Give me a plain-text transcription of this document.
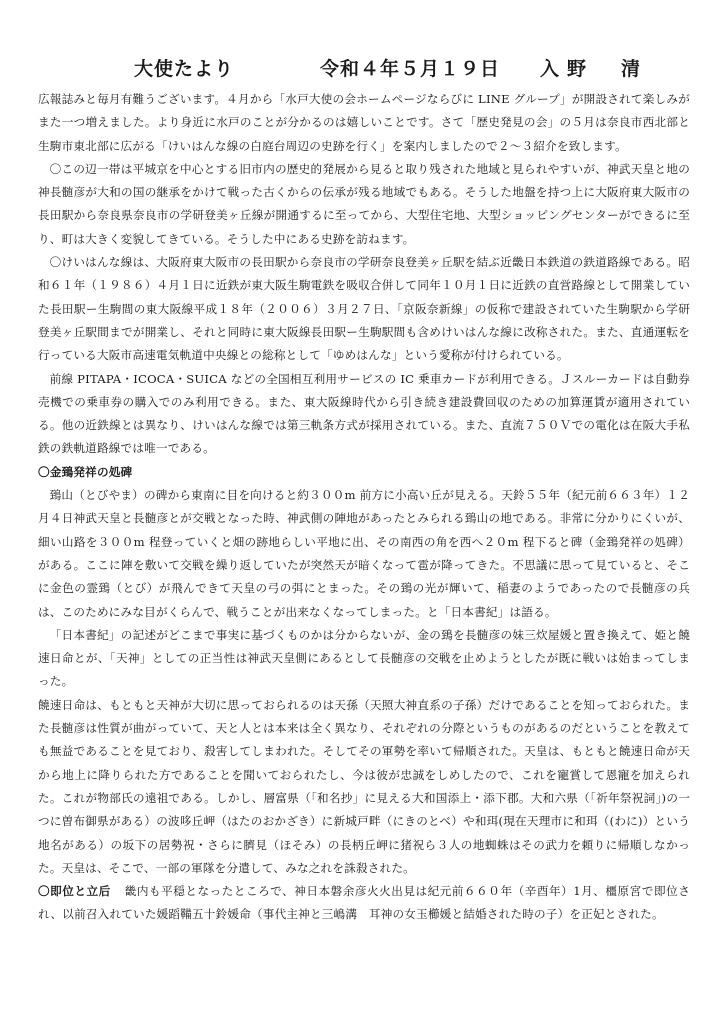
大使たより	令和４年５月１９日 入野　清

広報誌みと毎月有難うございます。４月から「水戸大使の会ホームページならびに LINE グループ」が開設されて楽しみがまた一つ増えました。より身近に水戸のことが分かるのは嬉しいことです。さて「歴史発見の会」の５月は奈良市西北部と生駒市東北部に広がる「けいはんな線の白庭台周辺の史跡を行く」を案内しましたので２〜３紹介を致します。

〇この辺一帯は平城京を中心とする旧市内の歴史的発展から見ると取り残された地域と見られやすいが、神武天皇と地の神長髄彦が大和の国の継承をかけて戦った古くからの伝承が残る地域でもある。そうした地盤を持つ上に大阪府東大阪市の長田駅から奈良県奈良市の学研登美ヶ丘線が開通するに至ってから、大型住宅地、大型ショッピングセンターができるに至り、町は大きく変貌してきている。そうした中にある史跡を訪ねます。

〇けいはんな線は、大阪府東大阪市の長田駅から奈良市の学研奈良登美ヶ丘駅を結ぶ近畿日本鉄道の鉄道路線である。昭和６１年（１９８６）４月１日に近鉄が東大阪生駒電鉄を吸収合併して同年１０月１日に近鉄の直営路線として開業していた長田駅ー生駒間の東大阪線平成１８年（２００６）３月２７日、「京阪奈新線」の仮称で建設されていた生駒駅から学研登美ヶ丘駅間までが開業し、それと同時に東大阪線長田駅ー生駒駅間も含めけいはんな線に改称された。また、直通運転を行っている大阪市高速電気軌道中央線との総称として「ゆめはんな」という愛称が付けられている。

前線 PITAPA・ICOCA・SUICA などの全国相互利用サービスの IC 乗車カードが利用できる。Ｊスルーカードは自動券売機での乗車券の購入でのみ利用できる。また、東大阪線時代から引き続き建設費回収のための加算運賃が適用されている。他の近鉄線とは異なり、けいはんな線では第三軌条方式が採用されている。また、直流７５０Ｖでの電化は在阪大手私鉄の鉄軌道路線では唯一である。

〇金鵄発祥の処碑

鵄山（とびやま）の碑から東南に目を向けると約３００m 前方に小高い丘が見える。天鈴５５年（紀元前６６３年）１２月４日神武天皇と長髄彦とが交戦となった時、神武側の陣地があったとみられる鵄山の地である。非常に分かりにくいが、細い山路を３００m 程登っていくと畑の跡地らしい平地に出、その南西の角を西へ２０m 程下ると碑（金鵄発祥の処碑）がある。ここに陣を敷いて交戦を繰り返していたが突然天が暗くなって雹が降ってきた。不思議に思って見ていると、そこに金色の霊鵄（とび）が飛んできて天皇の弓の弭にとまった。その鵄の光が輝いて、稲妻のようであったので長髄彦の兵は、このためにみな目がくらんで、戦うことが出来なくなってしまった。と「日本書紀」は語る。

「日本書紀」の記述がどこまで事実に基づくものかは分からないが、金の鵄を長髄彦の妹三炊屋媛と置き換えて、姫と饒速日命とが、「天神」としての正当性は神武天皇側にあるとして長髄彦の交戦を止めようとしたが既に戦いは始まってしまった。

饒速日命は、もともと天神が大切に思っておられるのは天孫（天照大神直系の子孫）だけであることを知っておられた。また長髄彦は性質が曲がっていて、天と人とは本来は全く異なり、それぞれの分際というものがあるのだということを教えても無益であることを見ており、殺害してしまわれた。そしてその軍勢を率いて帰順された。天皇は、もともと饒速日命が天から地上に降りられた方であることを聞いておられたし、今は彼が忠誠をしめしたので、これを寵賞して恩寵を加えられた。これが物部氏の遠祖である。しかし、層富県（「和名抄」に見える大和国添上・添下郡。大和六県（「祈年祭祝詞」)の一つに曽布御県がある）の波哆丘岬（はたのおかざき）に新城戸畔（にきのとべ）や和珥(現在天理市に和珥（(わに)）という地名がある）の坂下の居勢祝・さらに臍見（ほそみ）の長柄丘岬に猪祝ら３人の地蜘蛛はその武力を頼りに帰順しなかった。天皇は、そこで、一部の軍隊を分遣して、みな之れを誅殺された。

〇即位と立后 畿内も平穏となったところで、神日本磐余彦火火出見は紀元前６６０年（辛酉年）1月、橿原宮で即位され、以前召入れていた媛蹈鞴五十鈴媛命（事代主神と三嶋溝　耳神の女玉櫛媛と結婚された時の子）を正妃とされた。
